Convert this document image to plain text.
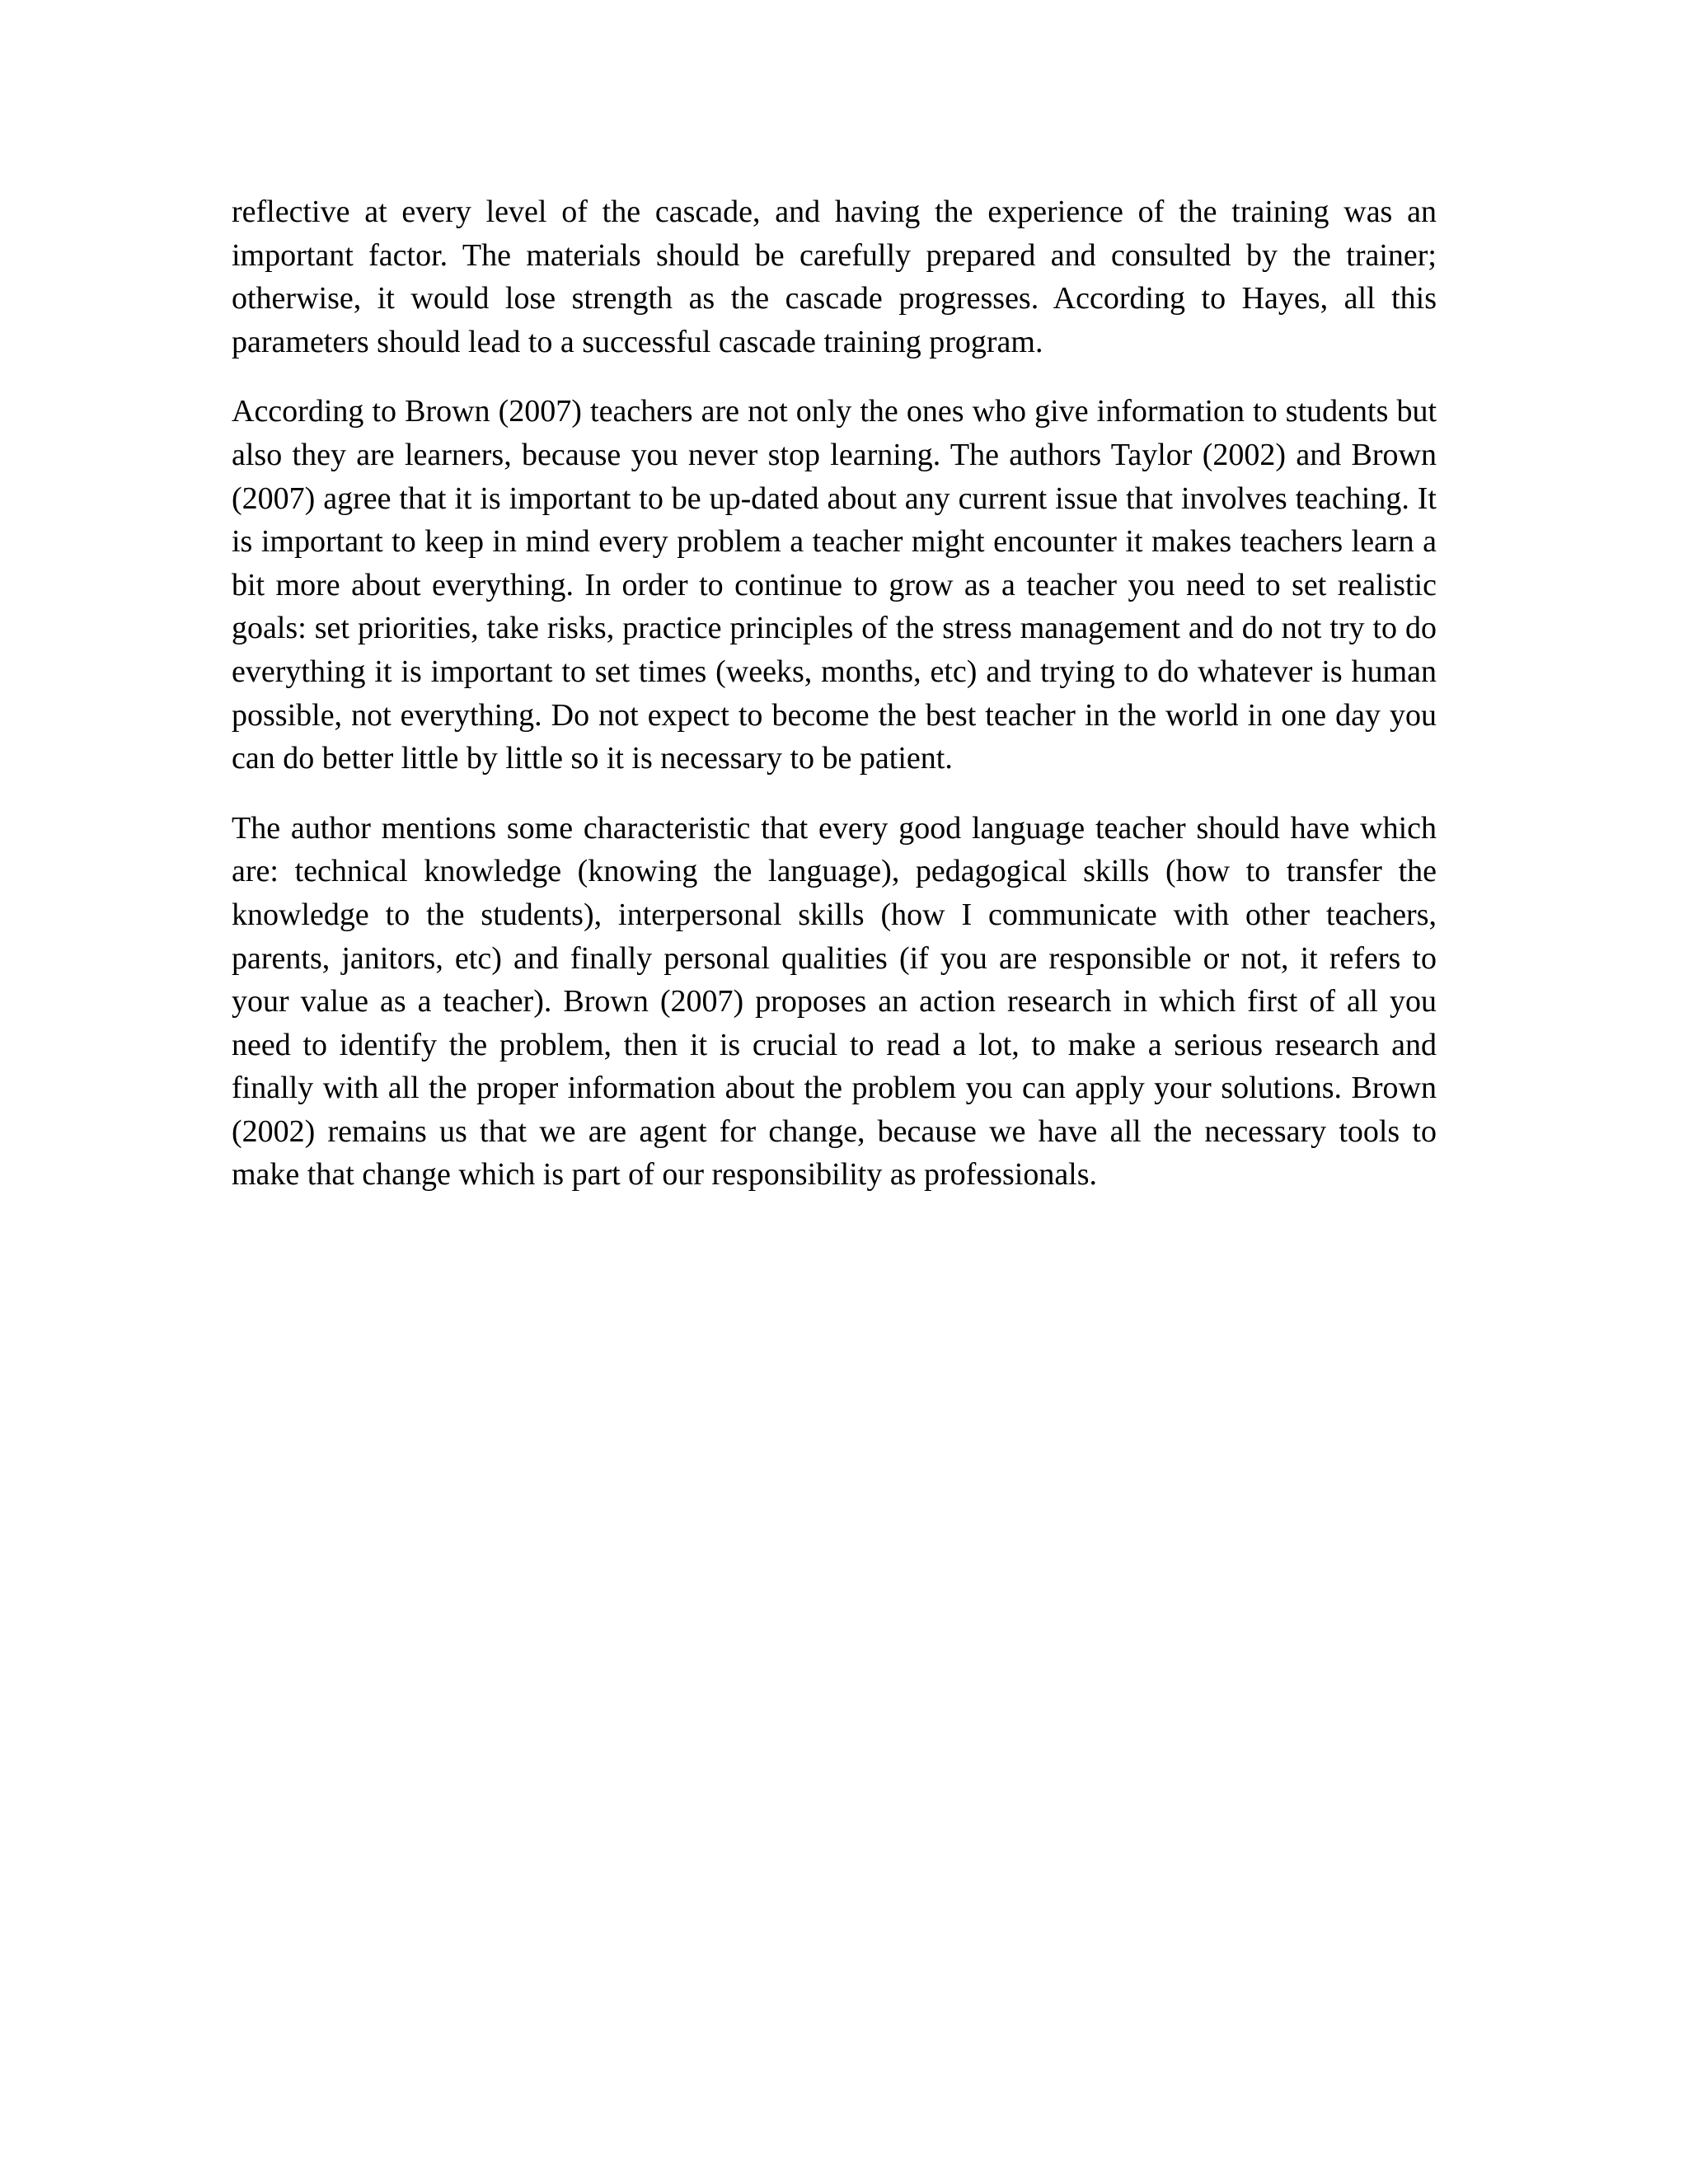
reflective at every level of the cascade, and having the experience of the training was an important factor. The materials should be carefully prepared and consulted by the trainer; otherwise, it would lose strength as the cascade progresses. According to Hayes, all this parameters should lead to a successful cascade training program.

According to Brown (2007) teachers are not only the ones who give information to students but also they are learners, because you never stop learning. The authors Taylor (2002) and Brown (2007) agree that it is important to be up-dated about any current issue that involves teaching. It is important to keep in mind every problem a teacher might encounter it makes teachers learn a bit more about everything. In order to continue to grow as a teacher you need to set realistic goals: set priorities, take risks, practice principles of the stress management and do not try to do everything it is important to set times (weeks, months, etc) and trying to do whatever is human possible, not everything. Do not expect to become the best teacher in the world in one day you can do better little by little so it is necessary to be patient.

The author mentions some characteristic that every good language teacher should have which are: technical knowledge (knowing the language), pedagogical skills (how to transfer the knowledge to the students), interpersonal skills (how I communicate with other teachers, parents, janitors, etc) and finally personal qualities (if you are responsible or not, it refers to your value as a teacher). Brown (2007) proposes an action research in which first of all you need to identify the problem, then it is crucial to read a lot, to make a serious research and finally with all the proper information about the problem you can apply your solutions. Brown (2002) remains us that we are agent for change, because we have all the necessary tools to make that change which is part of our responsibility as professionals.
